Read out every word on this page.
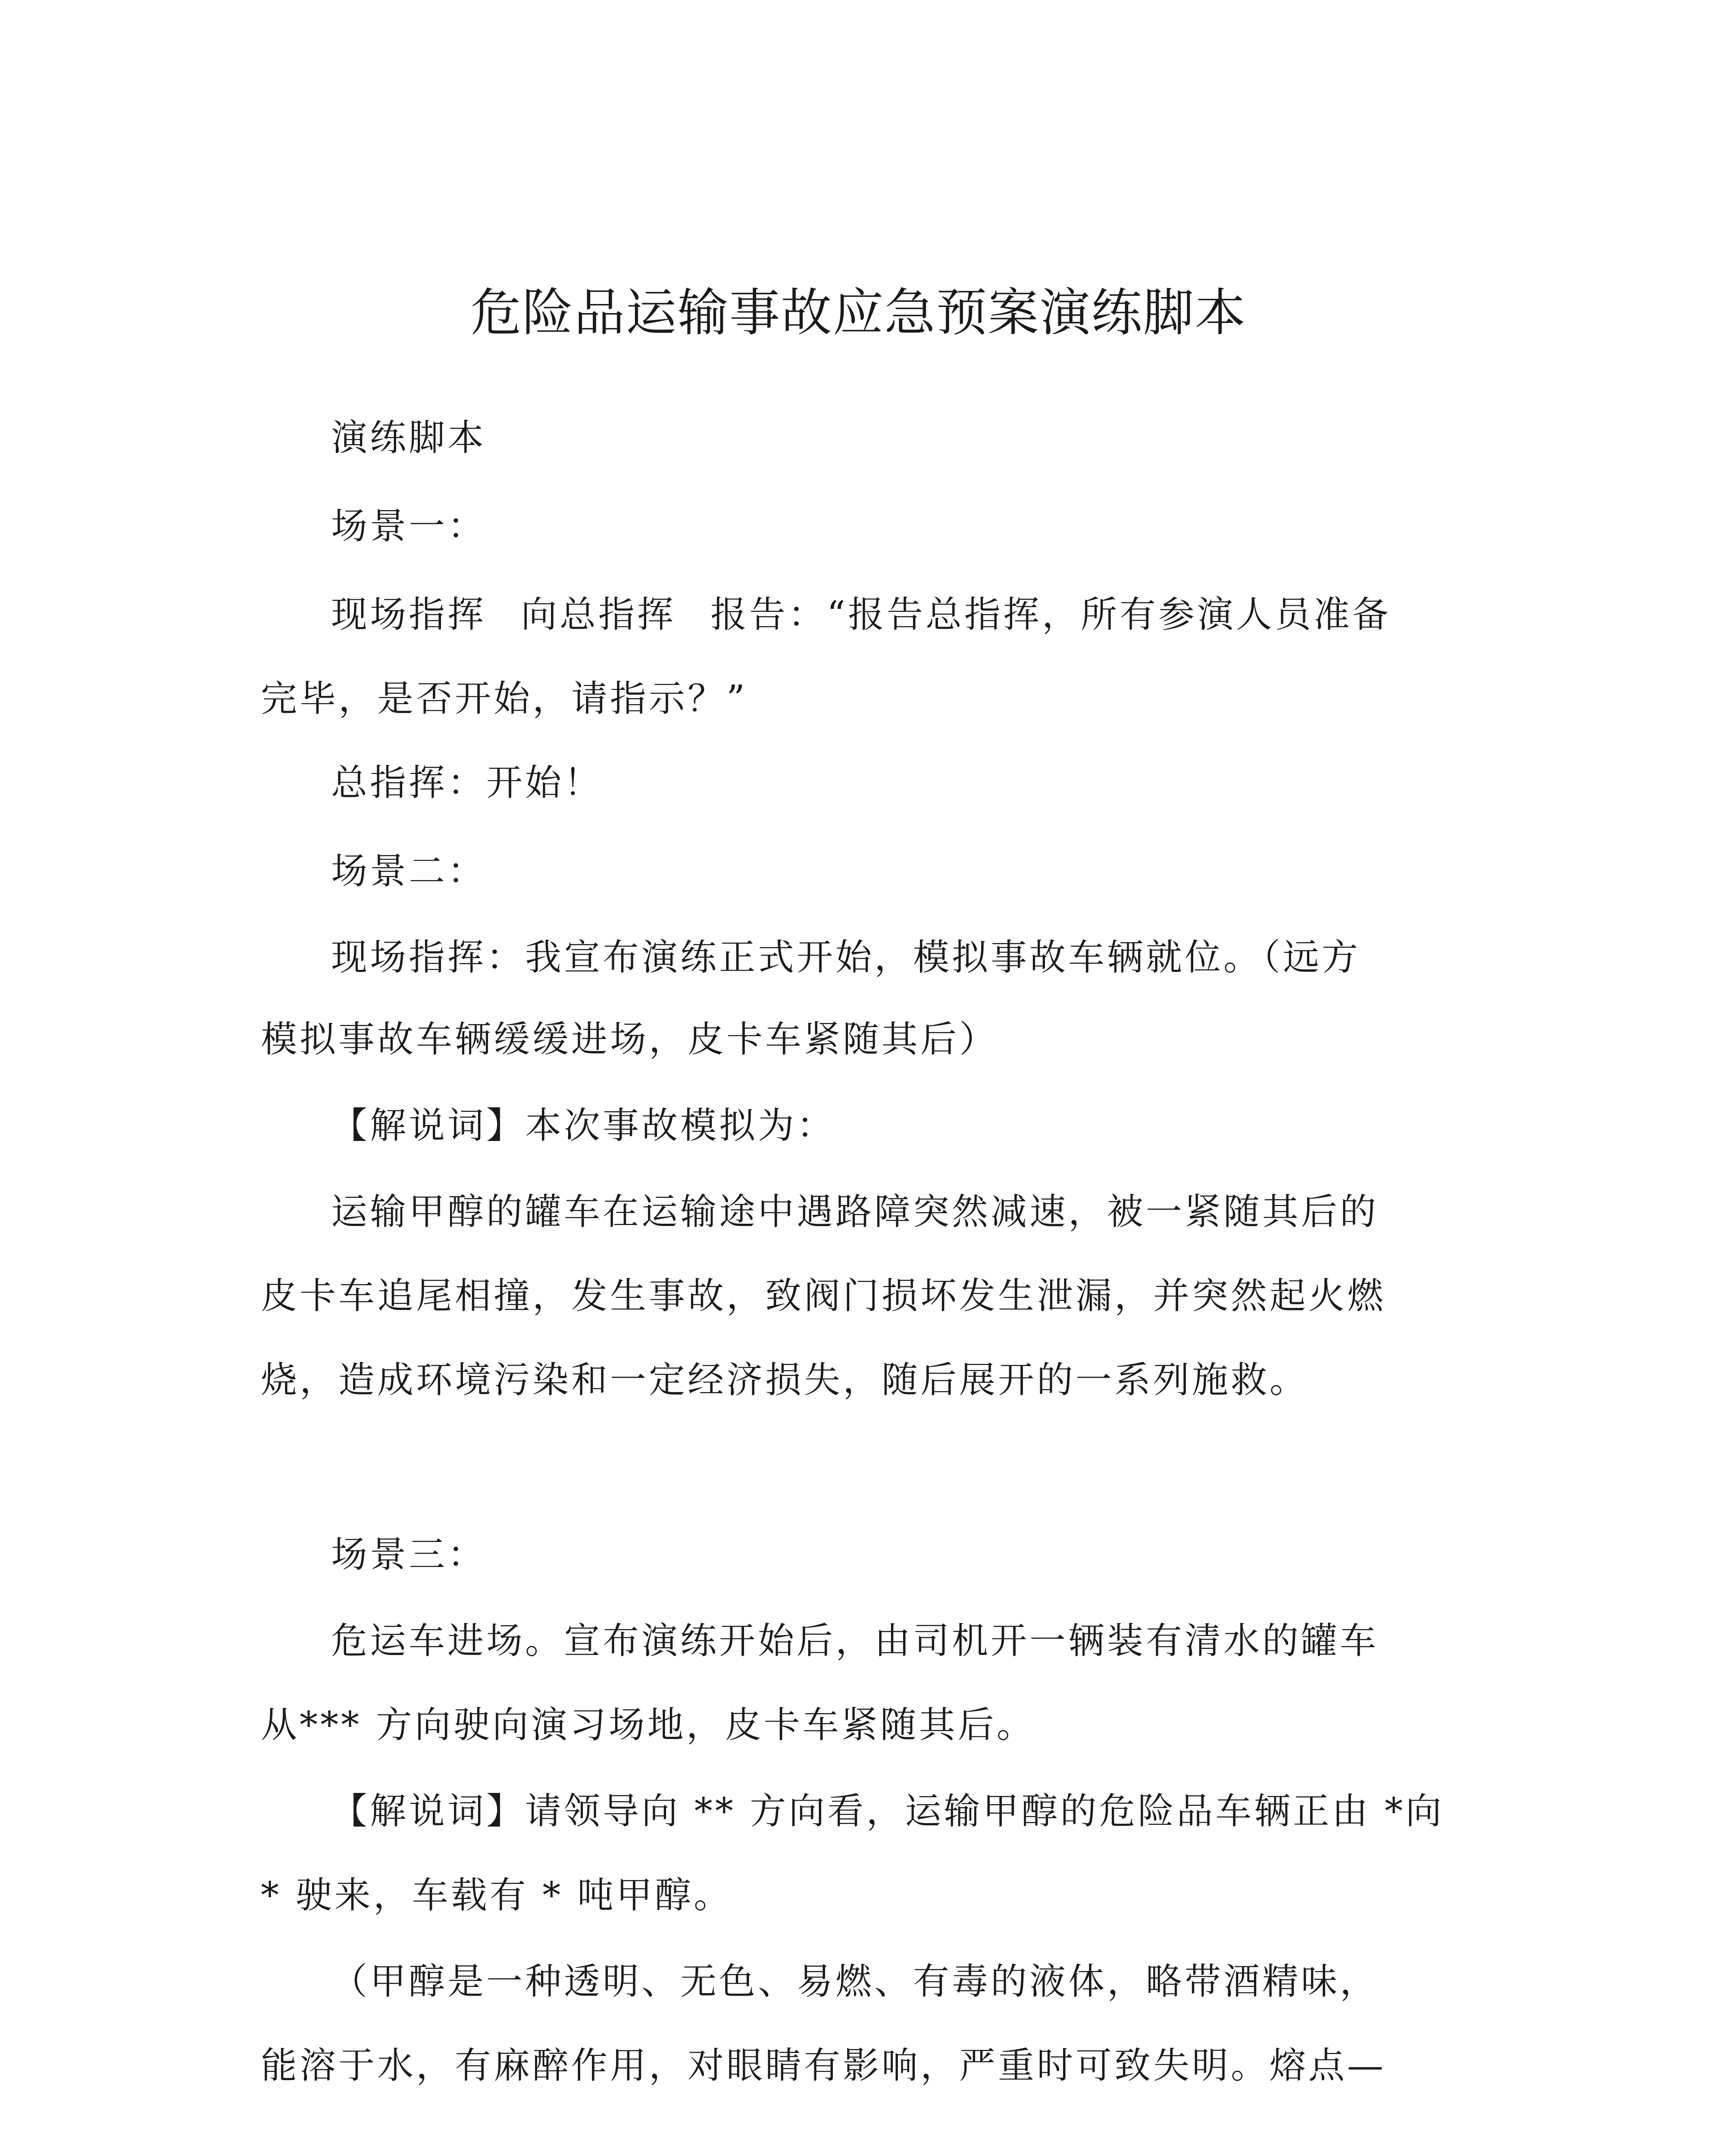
危险品运输事故应急预案演练脚本
演练脚本
场景一：
现场指挥 向总指挥 报告：“报告总指挥，所有参演人员准备
完毕，是否开始，请指示？”
总指挥：开始！
场景二：
现场指挥：我宣布演练正式开始，模拟事故车辆就位。（远方
模拟事故车辆缓缓进场，皮卡车紧随其后）
【解说词】本次事故模拟为：
运输甲醇的罐车在运输途中遇路障突然减速，被一紧随其后的
皮卡车追尾相撞，发生事故，致阀门损坏发生泄漏，并突然起火燃
烧，造成环境污染和一定经济损失，随后展开的一系列施救。
场景三：
危运车进场。宣布演练开始后，由司机开一辆装有清水的罐车
从*** 方向驶向演习场地，皮卡车紧随其后。
【解说词】请领导向 ** 方向看，运输甲醇的危险品车辆正由 *向
* 驶来，车载有 * 吨甲醇。
（甲醇是一种透明、无色、易燃、有毒的液体，略带酒精味，
能溶于水，有麻醉作用，对眼睛有影响，严重时可致失明。熔点—
